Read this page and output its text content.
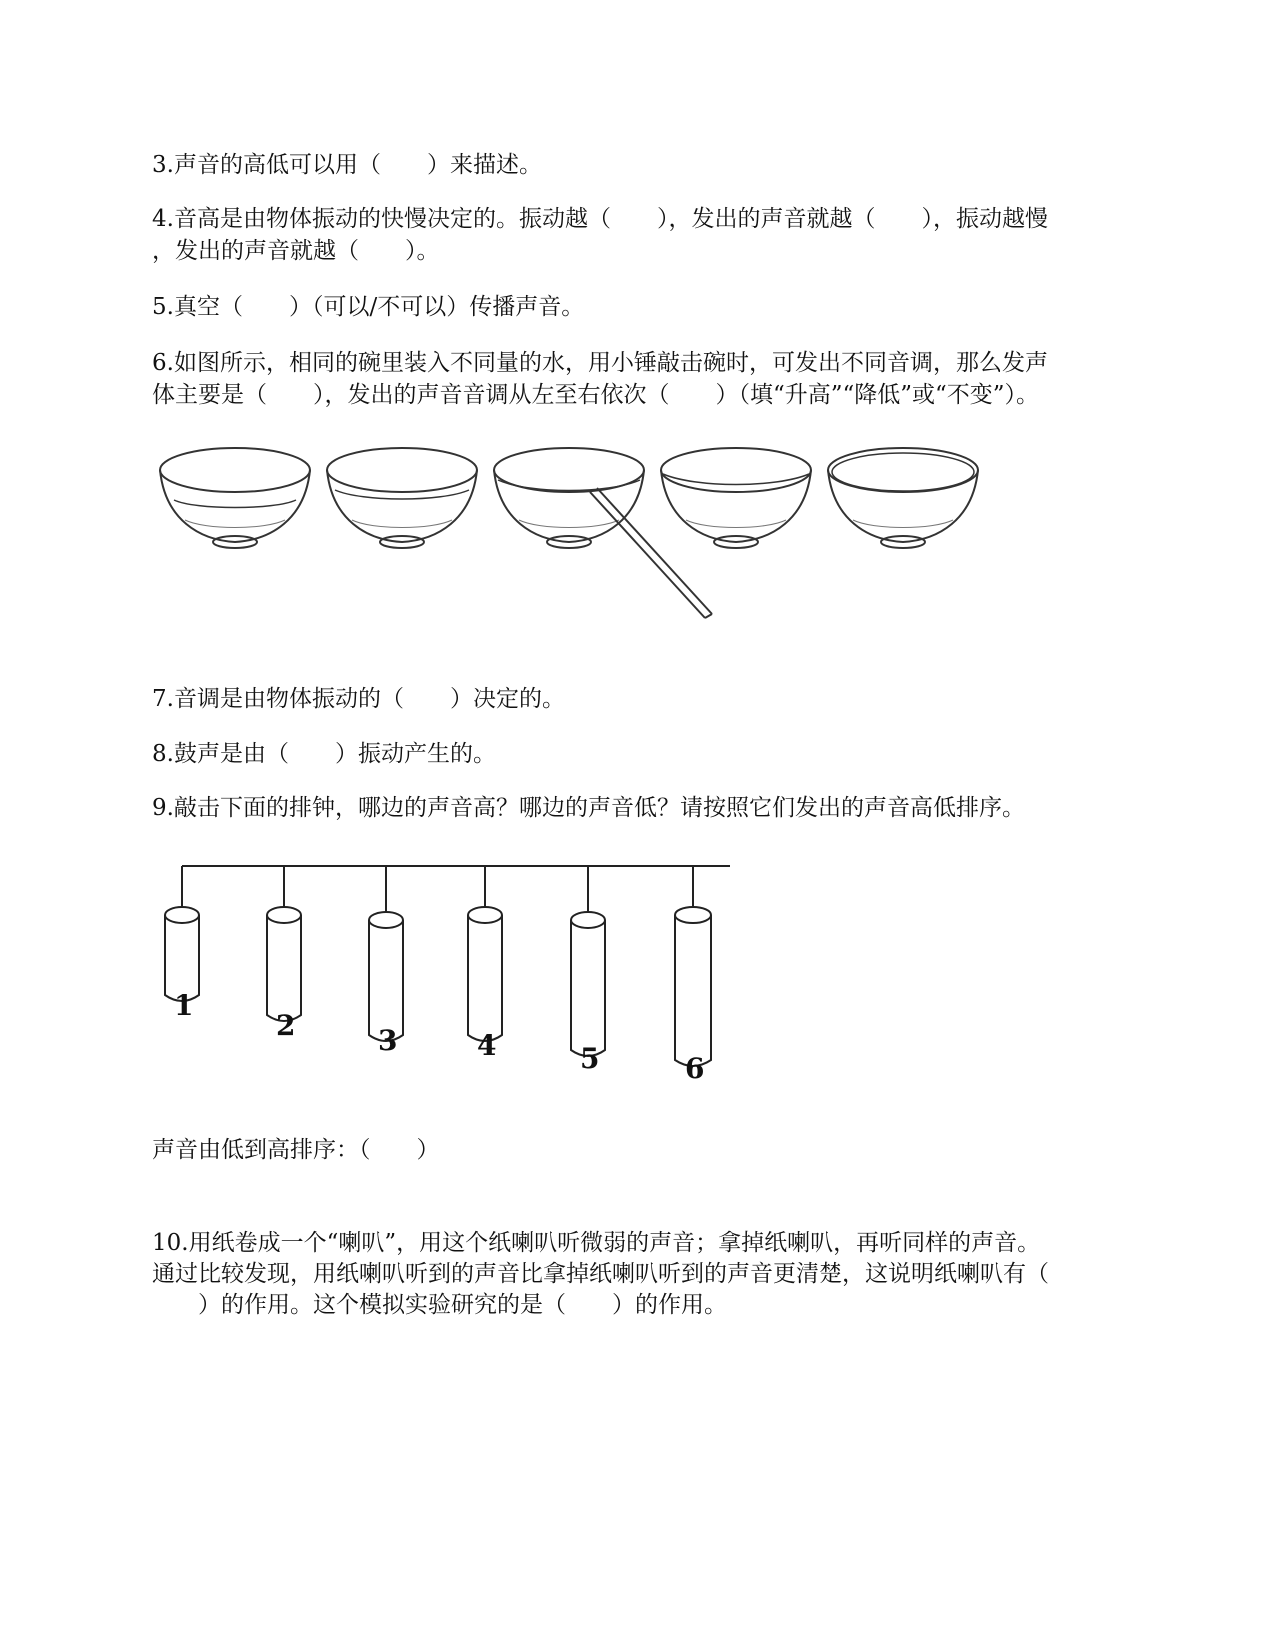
3.声音的高低可以用（　　）来描述。
4.音高是由物体振动的快慢决定的。振动越（　　），发出的声音就越（　　），振动越慢
，发出的声音就越（　　）。
5.真空（　　）（可以/不可以）传播声音。
6.如图所示，相同的碗里装入不同量的水，用小锤敲击碗时，可发出不同音调，那么发声
体主要是（　　），发出的声音音调从左至右依次（　　）（填“升高”“降低”或“不变”）。
7.音调是由物体振动的（　　）决定的。
8.鼓声是由（　　）振动产生的。
9.敲击下面的排钟，哪边的声音高？哪边的声音低？请按照它们发出的声音高低排序。
1
2	3	4	5	6
声音由低到高排序：（　　）
10.用纸卷成一个“喇叭”，用这个纸喇叭听微弱的声音；拿掉纸喇叭，再听同样的声音。
通过比较发现，用纸喇叭听到的声音比拿掉纸喇叭听到的声音更清楚，这说明纸喇叭有（
　　）的作用。这个模拟实验研究的是（　　）的作用。
